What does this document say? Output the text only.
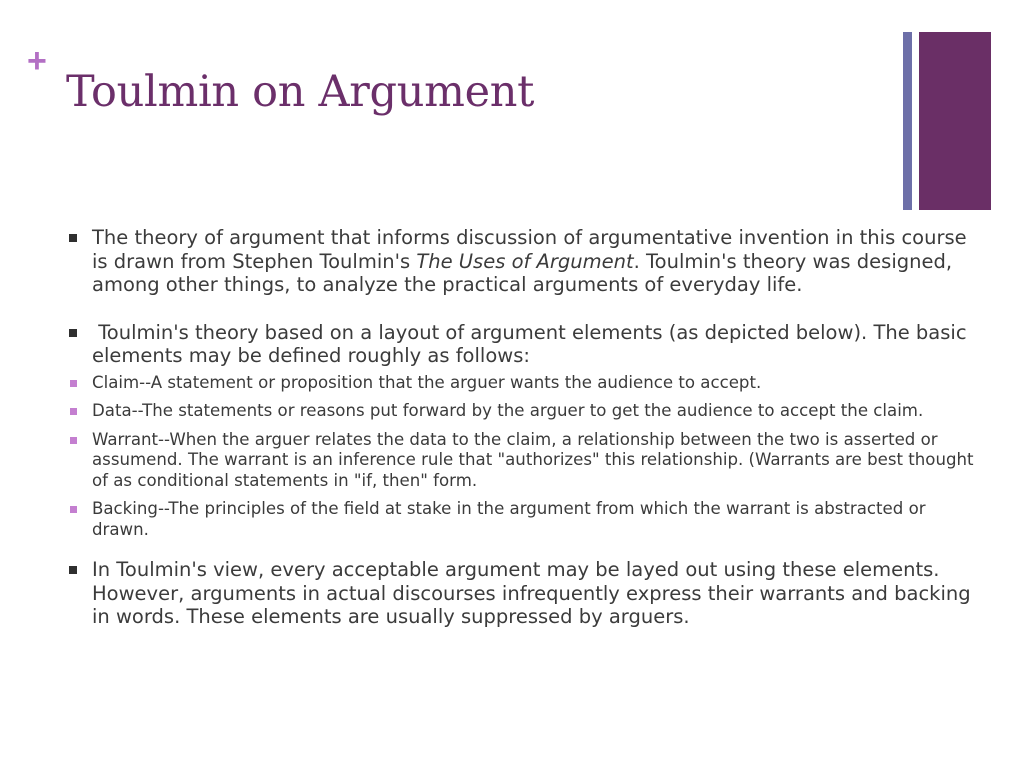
+
Toulmin on Argument
The theory of argument that informs discussion of argumentative invention in this course is drawn from Stephen Toulmin's The Uses of Argument. Toulmin's theory was designed, among other things, to analyze the practical arguments of everyday life.
Toulmin's theory based on a layout of argument elements (as depicted below). The basic elements may be defined roughly as follows:
Claim--A statement or proposition that the arguer wants the audience to accept.
Data--The statements or reasons put forward by the arguer to get the audience to accept the claim.
Warrant--When the arguer relates the data to the claim, a relationship between the two is asserted or assumend. The warrant is an inference rule that "authorizes" this relationship. (Warrants are best thought of as conditional statements in "if, then" form.
Backing--The principles of the field at stake in the argument from which the warrant is abstracted or drawn.
In Toulmin's view, every acceptable argument may be layed out using these elements. However, arguments in actual discourses infrequently express their warrants and backing in words. These elements are usually suppressed by arguers.
